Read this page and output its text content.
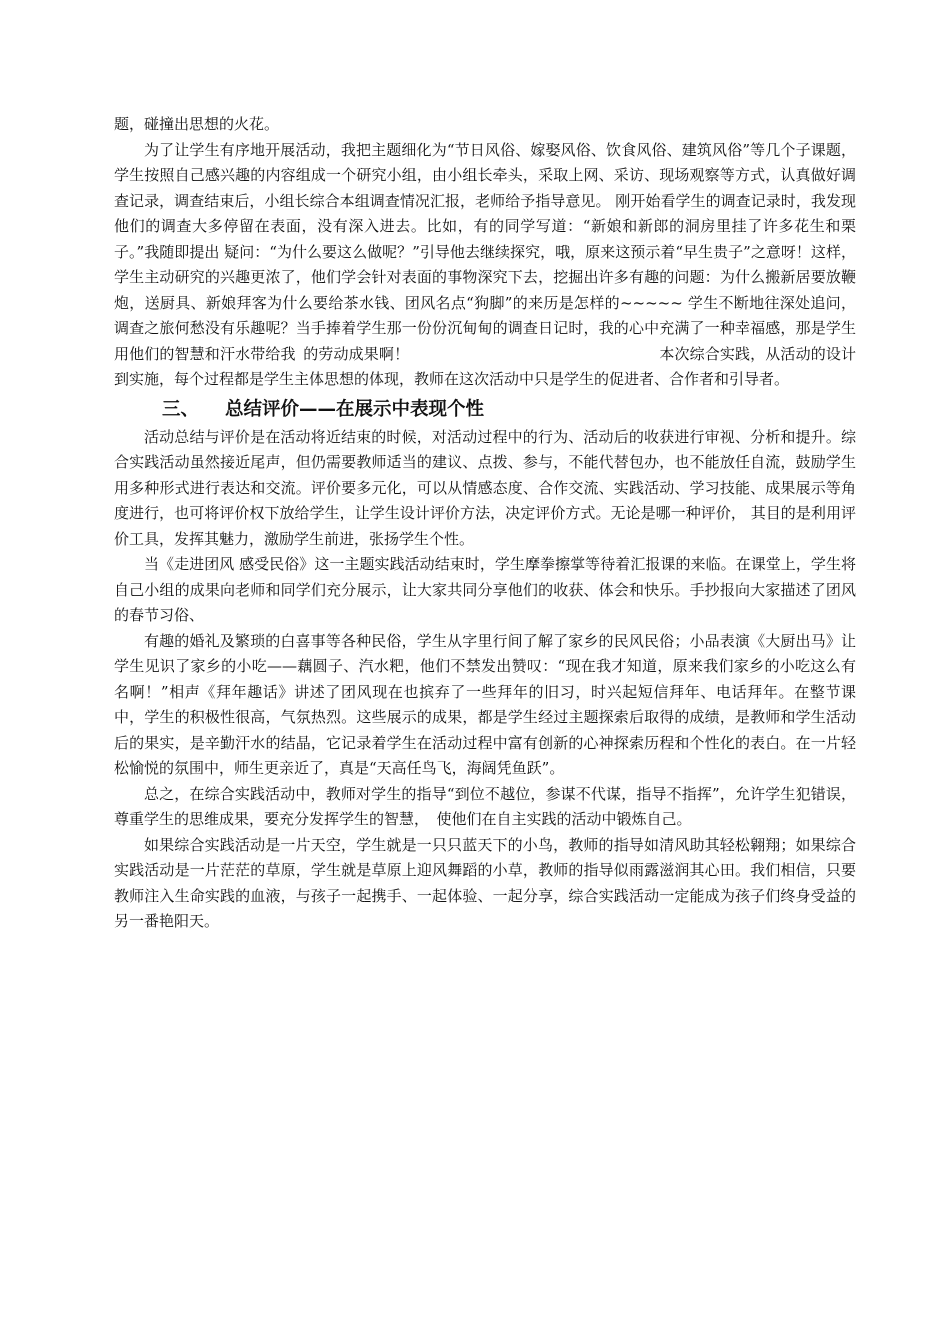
题，碰撞出思想的火花。

为了让学生有序地开展活动，我把主题细化为“节日风俗、嫁娶风俗、饮食风俗、建筑风俗”等几个子课题，学生按照自己感兴趣的内容组成一个研究小组，由小组长牵头，采取上网、采访、现场观察等方式，认真做好调查记录，调查结束后，小组长综合本组调查情况汇报，老师给予指导意见。 刚开始看学生的调查记录时，我发现他们的调查大多停留在表面，没有深入进去。比如，有的同学写道：“新娘和新郎的洞房里挂了许多花生和栗子。”我随即提出 疑问：“为什么要这么做呢？”引导他去继续探究，哦，原来这预示着“早生贵子”之意呀！这样，学生主动研究的兴趣更浓了，他们学会针对表面的事物深究下去，挖掘出许多有趣的问题：为什么搬新居要放鞭炮，送厨具、新娘拜客为什么要给茶水钱、团风名点“狗脚”的来历是怎样的~~~~~ 学生不断地往深处追问，调查之旅何愁没有乐趣呢？当手捧着学生那一份份沉甸甸的调查日记时，我的心中充满了一种幸福感，那是学生用他们的智慧和汗水带给我 的劳动成果啊！	本次综合实践，从活动的设计到实施，每个过程都是学生主体思想的体现，教师在这次活动中只是学生的促进者、合作者和引导者。

三、 总结评价——在展示中表现个性

活动总结与评价是在活动将近结束的时候，对活动过程中的行为、活动后的收获进行审视、分析和提升。综合实践活动虽然接近尾声，但仍需要教师适当的建议、点拨、参与，不能代替包办，也不能放任自流，鼓励学生用多种形式进行表达和交流。评价要多元化，可以从情感态度、合作交流、实践活动、学习技能、成果展示等角度进行，也可将评价权下放给学生，让学生设计评价方法，决定评价方式。无论是哪一种评价， 其目的是利用评价工具，发挥其魅力，激励学生前进，张扬学生个性。

当《走进团风 感受民俗》这一主题实践活动结束时，学生摩拳擦掌等待着汇报课的来临。在课堂上，学生将自己小组的成果向老师和同学们充分展示，让大家共同分享他们的收获、体会和快乐。手抄报向大家描述了团风的春节习俗、

有趣的婚礼及繁琐的白喜事等各种民俗，学生从字里行间了解了家乡的民风民俗；小品表演《大厨出马》让学生见识了家乡的小吃——藕圆子、汽水粑，他们不禁发出赞叹：“现在我才知道，原来我们家乡的小吃这么有名啊！”相声《拜年趣话》讲述了团风现在也摈弃了一些拜年的旧习，时兴起短信拜年、电话拜年。在整节课中，学生的积极性很高，气氛热烈。这些展示的成果，都是学生经过主题探索后取得的成绩，是教师和学生活动后的果实，是辛勤汗水的结晶，它记录着学生在活动过程中富有创新的心神探索历程和个性化的表白。在一片轻松愉悦的氛围中，师生更亲近了，真是“天高任鸟飞，海阔凭鱼跃”。

总之，在综合实践活动中，教师对学生的指导“到位不越位，参谋不代谋，指导不指挥”，允许学生犯错误，尊重学生的思维成果，要充分发挥学生的智慧， 使他们在自主实践的活动中锻炼自己。

如果综合实践活动是一片天空，学生就是一只只蓝天下的小鸟，教师的指导如清风助其轻松翱翔；如果综合实践活动是一片茫茫的草原，学生就是草原上迎风舞蹈的小草，教师的指导似雨露滋润其心田。我们相信，只要教师注入生命实践的血液，与孩子一起携手、一起体验、一起分享，综合实践活动一定能成为孩子们终身受益的另一番艳阳天。
